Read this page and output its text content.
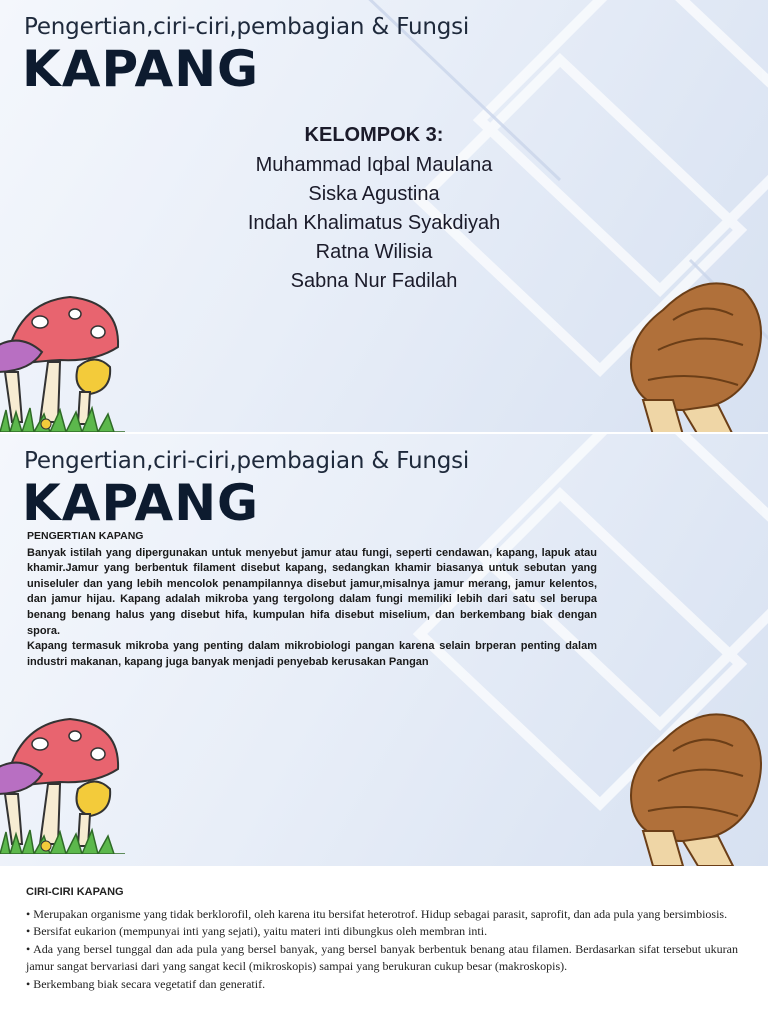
Pengertian,ciri-ciri,pembagian & Fungsi
KAPANG
KELOMPOK 3:
Muhammad Iqbal Maulana
Siska Agustina
Indah Khalimatus Syakdiyah
Ratna Wilisia
Sabna Nur Fadilah
Pengertian,ciri-ciri,pembagian & Fungsi
KAPANG
PENGERTIAN KAPANG

Banyak istilah yang dipergunakan untuk menyebut jamur atau fungi, seperti cendawan, kapang, lapuk atau khamir.Jamur yang berbentuk filament disebut kapang, sedangkan khamir biasanya untuk sebutan yang uniseluler dan yang lebih mencolok penampilannya disebut jamur,misalnya jamur merang, jamur kelentos, dan jamur hijau. Kapang adalah mikroba yang tergolong dalam fungi memiliki lebih dari satu sel berupa benang benang halus yang disebut hifa, kumpulan hifa disebut miselium, dan berkembang biak dengan spora.

Kapang termasuk mikroba yang penting dalam mikrobiologi pangan karena selain brperan penting dalam industri makanan, kapang juga banyak menjadi penyebab kerusakan Pangan

CIRI-CIRI KAPANG

• Merupakan organisme yang tidak berklorofil, oleh karena itu bersifat heterotrof. Hidup sebagai parasit, saprofit, dan ada pula yang bersimbiosis.

• Bersifat eukarion (mempunyai inti yang sejati), yaitu materi inti dibungkus oleh membran inti.

• Ada yang bersel tunggal dan ada pula yang bersel banyak, yang bersel banyak berbentuk benang atau filamen. Berdasarkan sifat tersebut ukuran jamur sangat bervariasi dari yang sangat kecil (mikroskopis) sampai yang berukuran cukup besar (makroskopis).

• Berkembang biak secara vegetatif dan generatif.
